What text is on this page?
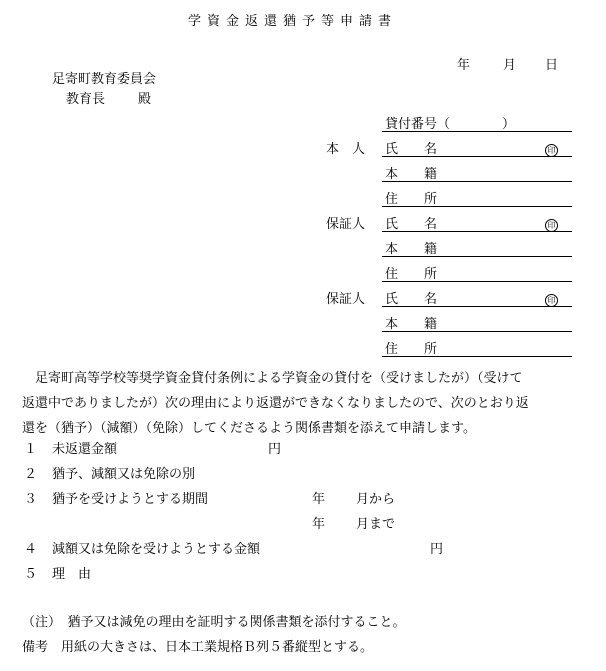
学資金返還猶予等申請書
年	月 日
足寄町教育委員会
教育長	殿
貸付番号（　　　　）
本　人 氏　　名	印
本　　籍
住　　所
保証人 氏　　名	印
本　　籍
住　　所
保証人 氏　　名	印
本　　籍
住　　所

　足寄町高等学校等奨学資金貸付条例による学資金の貸付を（受けましたが）（受けて

返還中でありましたが）次の理由により返還ができなくなりましたので、次のとおり返

還を（猶予）（減額）（免除）してくださるよう関係書類を添えて申請します。

１ 未返還金額	円
２ 猶予、減額又は免除の別
３ 猶予を受けようとする期間	年 月から
年 月まで
４ 減額又は免除を受けようとする金額	円
５ 理　由
（注）　猶予又は減免の理由を証明する関係書類を添付すること。
備考　用紙の大きさは、日本工業規格Ｂ列５番縦型とする。
